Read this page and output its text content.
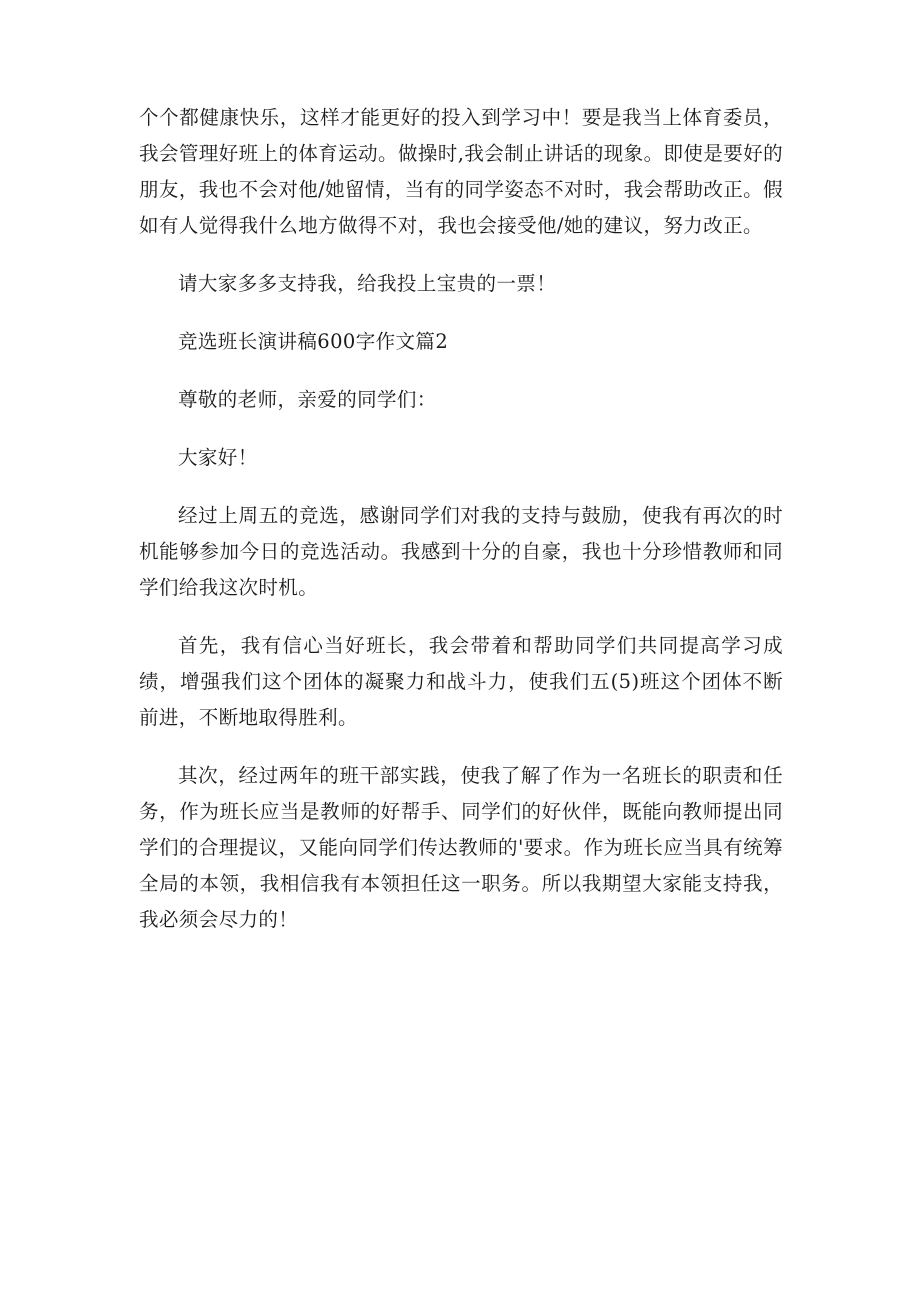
个个都健康快乐，这样才能更好的投入到学习中！要是我当上体育委员，我会管理好班上的体育运动。做操时,我会制止讲话的现象。即使是要好的朋友，我也不会对他/她留情，当有的同学姿态不对时，我会帮助改正。假如有人觉得我什么地方做得不对，我也会接受他/她的建议，努力改正。

请大家多多支持我，给我投上宝贵的一票！

竞选班长演讲稿600字作文篇2

尊敬的老师，亲爱的同学们：

大家好！

经过上周五的竞选，感谢同学们对我的支持与鼓励，使我有再次的时机能够参加今日的竞选活动。我感到十分的自豪，我也十分珍惜教师和同学们给我这次时机。

首先，我有信心当好班长，我会带着和帮助同学们共同提高学习成绩，增强我们这个团体的凝聚力和战斗力，使我们五(5)班这个团体不断前进，不断地取得胜利。

其次，经过两年的班干部实践，使我了解了作为一名班长的职责和任务，作为班长应当是教师的好帮手、同学们的好伙伴，既能向教师提出同学们的合理提议，又能向同学们传达教师的'要求。作为班长应当具有统筹全局的本领，我相信我有本领担任这一职务。所以我期望大家能支持我，我必须会尽力的！
